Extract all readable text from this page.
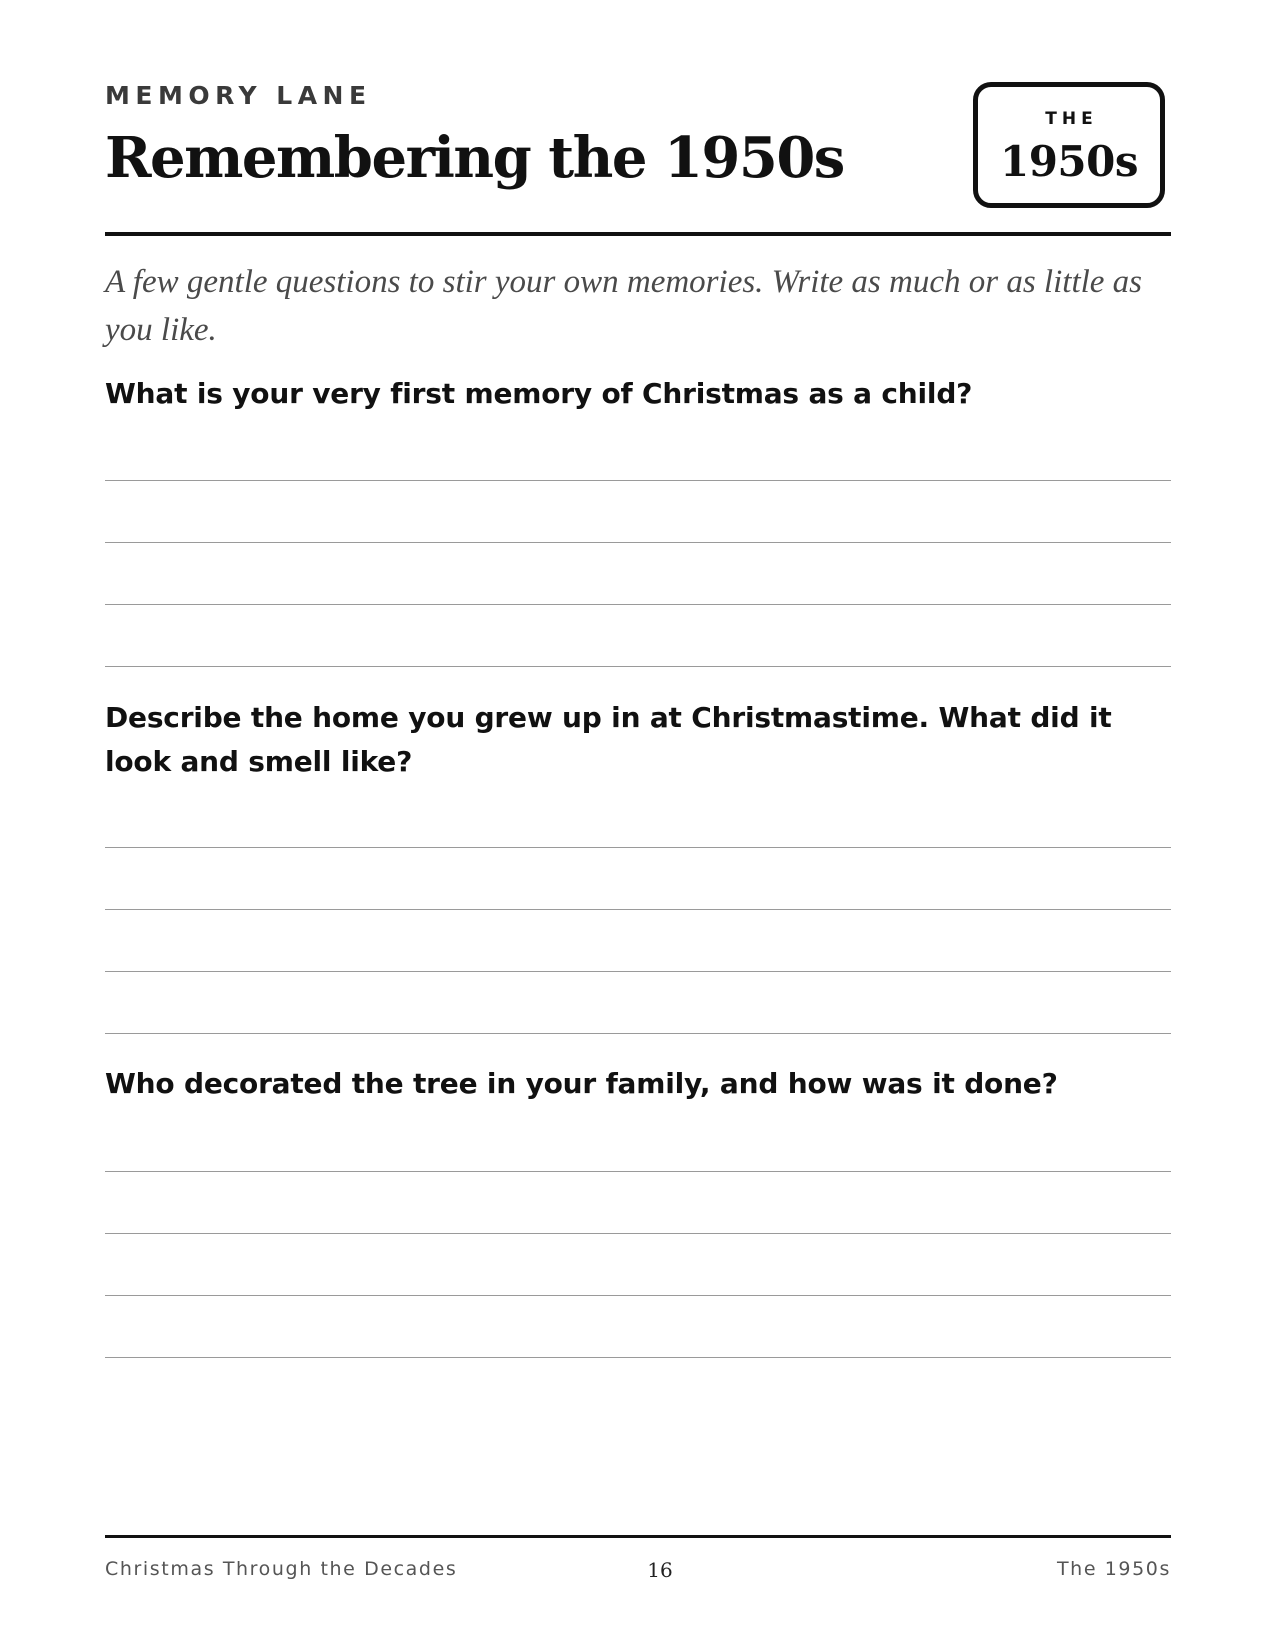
MEMORY LANE
Remembering the 1950s
THE
1950s

A few gentle questions to stir your own memories. Write as much or as little as you like.

What is your very first memory of Christmas as a child?

Describe the home you grew up in at Christmastime. What did it look and smell like?

Who decorated the tree in your family, and how was it done?

Christmas Through the Decades	The 1950s
16
